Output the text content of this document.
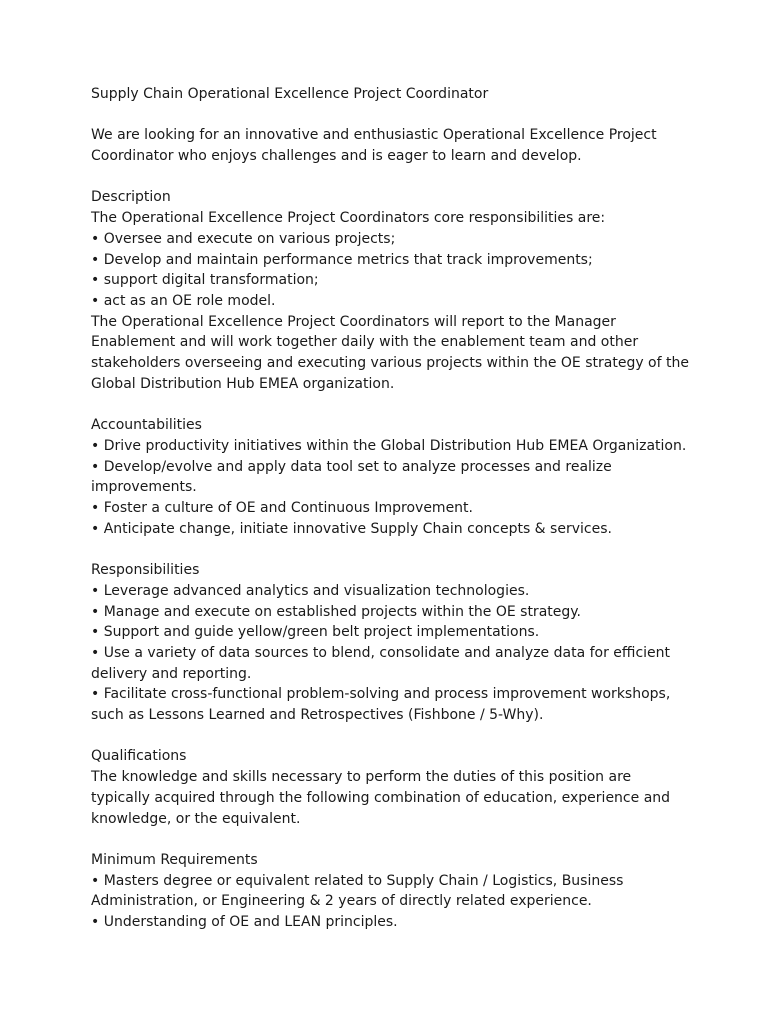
Supply Chain Operational Excellence Project Coordinator

We are looking for an innovative and enthusiastic Operational Excellence Project Coordinator who enjoys challenges and is eager to learn and develop.

Description

The Operational Excellence Project Coordinators core responsibilities are:

• Oversee and execute on various projects;

• Develop and maintain performance metrics that track improvements;

• support digital transformation;

• act as an OE role model.

The Operational Excellence Project Coordinators will report to the Manager Enablement and will work together daily with the enablement team and other stakeholders overseeing and executing various projects within the OE strategy of the Global Distribution Hub EMEA organization.

Accountabilities

• Drive productivity initiatives within the Global Distribution Hub EMEA Organization.

• Develop/evolve and apply data tool set to analyze processes and realize improvements.

• Foster a culture of OE and Continuous Improvement.

• Anticipate change, initiate innovative Supply Chain concepts & services.

Responsibilities

• Leverage advanced analytics and visualization technologies.

• Manage and execute on established projects within the OE strategy.

• Support and guide yellow/green belt project implementations.

• Use a variety of data sources to blend, consolidate and analyze data for efficient delivery and reporting.

• Facilitate cross-functional problem-solving and process improvement workshops, such as Lessons Learned and Retrospectives (Fishbone / 5-Why).

Qualifications

The knowledge and skills necessary to perform the duties of this position are typically acquired through the following combination of education, experience and knowledge, or the equivalent.

Minimum Requirements

• Masters degree or equivalent related to Supply Chain / Logistics, Business Administration, or Engineering & 2 years of directly related experience.

• Understanding of OE and LEAN principles.
